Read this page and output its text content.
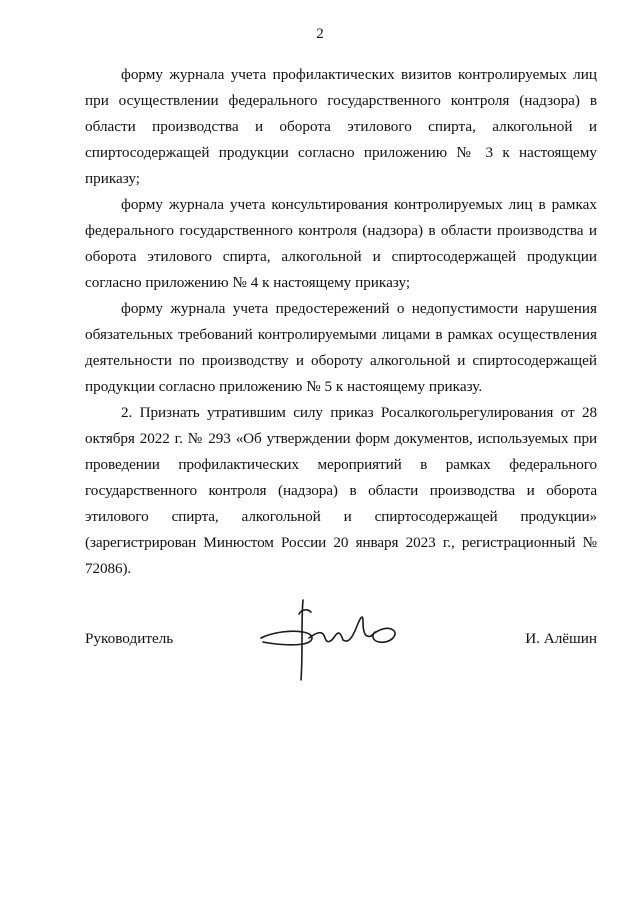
2

форму журнала учета профилактических визитов контролируемых лиц при осуществлении федерального государственного контроля (надзора) в области производства и оборота этилового спирта, алкогольной и спиртосодержащей продукции согласно приложению № 3 к настоящему приказу;

форму журнала учета консультирования контролируемых лиц в рамках федерального государственного контроля (надзора) в области производства и оборота этилового спирта, алкогольной и спиртосодержащей продукции согласно приложению № 4 к настоящему приказу;

форму журнала учета предостережений о недопустимости нарушения обязательных требований контролируемыми лицами в рамках осуществления деятельности по производству и обороту алкогольной и спиртосодержащей продукции согласно приложению № 5 к настоящему приказу.

2. Признать утратившим силу приказ Росалкогольрегулирования от 28 октября 2022 г. № 293 «Об утверждении форм документов, используемых при проведении профилактических мероприятий в рамках федерального государственного контроля (надзора) в области производства и оборота этилового спирта, алкогольной и спиртосодержащей продукции» (зарегистрирован Минюстом России 20 января 2023 г., регистрационный № 72086).

Руководитель	И. Алёшин
